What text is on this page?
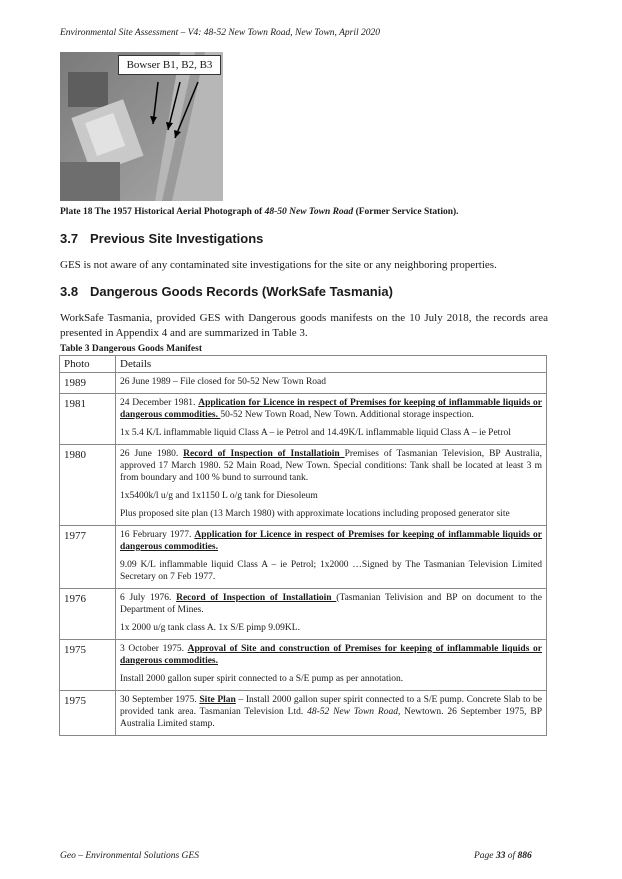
Environmental Site Assessment – V4: 48-52 New Town Road, New Town, April 2020
Bowser B1, B2, B3
Plate 18 The 1957 Historical Aerial Photograph of 48-50 New Town Road (Former Service Station).
3.7 Previous Site Investigations
GES is not aware of any contaminated site investigations for the site or any neighboring properties.
3.8 Dangerous Goods Records (WorkSafe Tasmania)
WorkSafe Tasmania, provided GES with Dangerous goods manifests on the 10 July 2018, the records area presented in Appendix 4 and are summarized in Table 3.
Table 3 Dangerous Goods Manifest
Photo	Details
1989	26 June 1989 – File closed for 50-52 New Town Road

1981	24 December 1981. Application for Licence in respect of Premises for keeping of inflammable liquids or dangerous commodities. 50-52 New Town Road, New Town. Additional storage inspection.

1x 5.4 K/L inflammable liquid Class A – ie Petrol and 14.49K/L inflammable liquid Class A – ie Petrol

1980	26 June 1980. Record of Inspection of Installatioin Premises of Tasmanian Television, BP Australia, approved 17 March 1980. 52 Main Road, New Town. Special conditions: Tank shall be located at least 3 m from boundary and 100 % bund to surround tank.

1x5400k/l u/g and 1x1150 L o/g tank for Diesoleum

Plus proposed site plan (13 March 1980) with approximate locations including proposed generator site

1977	16 February 1977. Application for Licence in respect of Premises for keeping of inflammable liquids or dangerous commodities.

9.09 K/L inflammable liquid Class A – ie Petrol; 1x2000 …Signed by The Tasmanian Television Limited Secretary on 7 Feb 1977.

1976	6 July 1976. Record of Inspection of Installatioin (Tasmanian Telivision and BP on document to the Department of Mines.

1x 2000 u/g tank class A. 1x S/E pimp 9.09KL.

1975	3 October 1975. Approval of Site and construction of Premises for keeping of inflammable liquids or dangerous commodities.

Install 2000 gallon super spirit connected to a S/E pump as per annotation.

1975	30 September 1975. Site Plan – Install 2000 gallon super spirit connected to a S/E pump. Concrete Slab to be provided tank area. Tasmanian Television Ltd. 48-52 New Town Road, Newtown. 26 September 1975, BP Australia Limited stamp.

Geo – Environmental Solutions GES	Page 33 of 886
